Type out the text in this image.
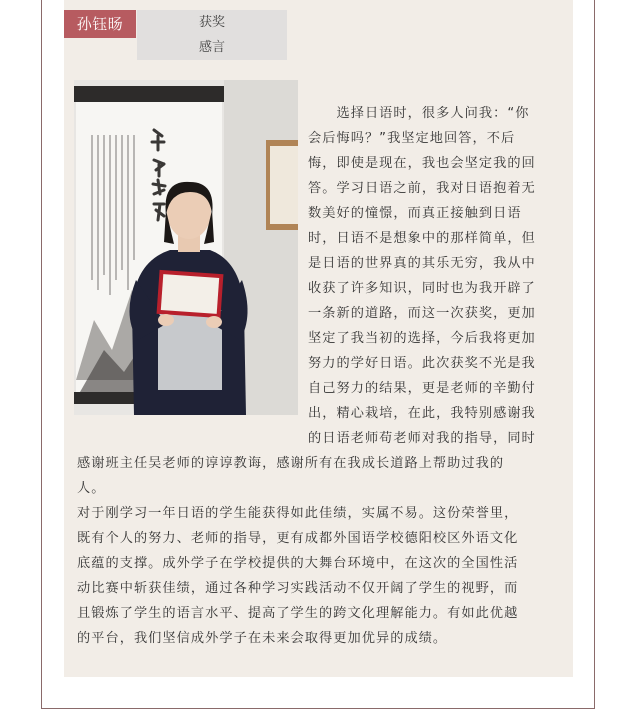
孙钰旸	获奖
感言
　　选择日语时，很多人问我：“你
会后悔吗？”我坚定地回答，不后
悔，即使是现在，我也会坚定我的回
答。学习日语之前，我对日语抱着无
数美好的憧憬，而真正接触到日语
时，日语不是想象中的那样简单，但
是日语的世界真的其乐无穷，我从中
收获了许多知识，同时也为我开辟了
一条新的道路，而这一次获奖，更加
坚定了我当初的选择，今后我将更加
努力的学好日语。此次获奖不光是我
自己努力的结果，更是老师的辛勤付
出，精心栽培，在此，我特别感谢我
的日语老师苟老师对我的指导，同时
感谢班主任吴老师的谆谆教诲，感谢所有在我成长道路上帮助过我的
人。
对于刚学习一年日语的学生能获得如此佳绩，实属不易。这份荣誉里，
既有个人的努力、老师的指导，更有成都外国语学校德阳校区外语文化
底蕴的支撑。成外学子在学校提供的大舞台环境中，在这次的全国性活
动比赛中斩获佳绩，通过各种学习实践活动不仅开阔了学生的视野，而
且锻炼了学生的语言水平、提高了学生的跨文化理解能力。有如此优越
的平台，我们坚信成外学子在未来会取得更加优异的成绩。
